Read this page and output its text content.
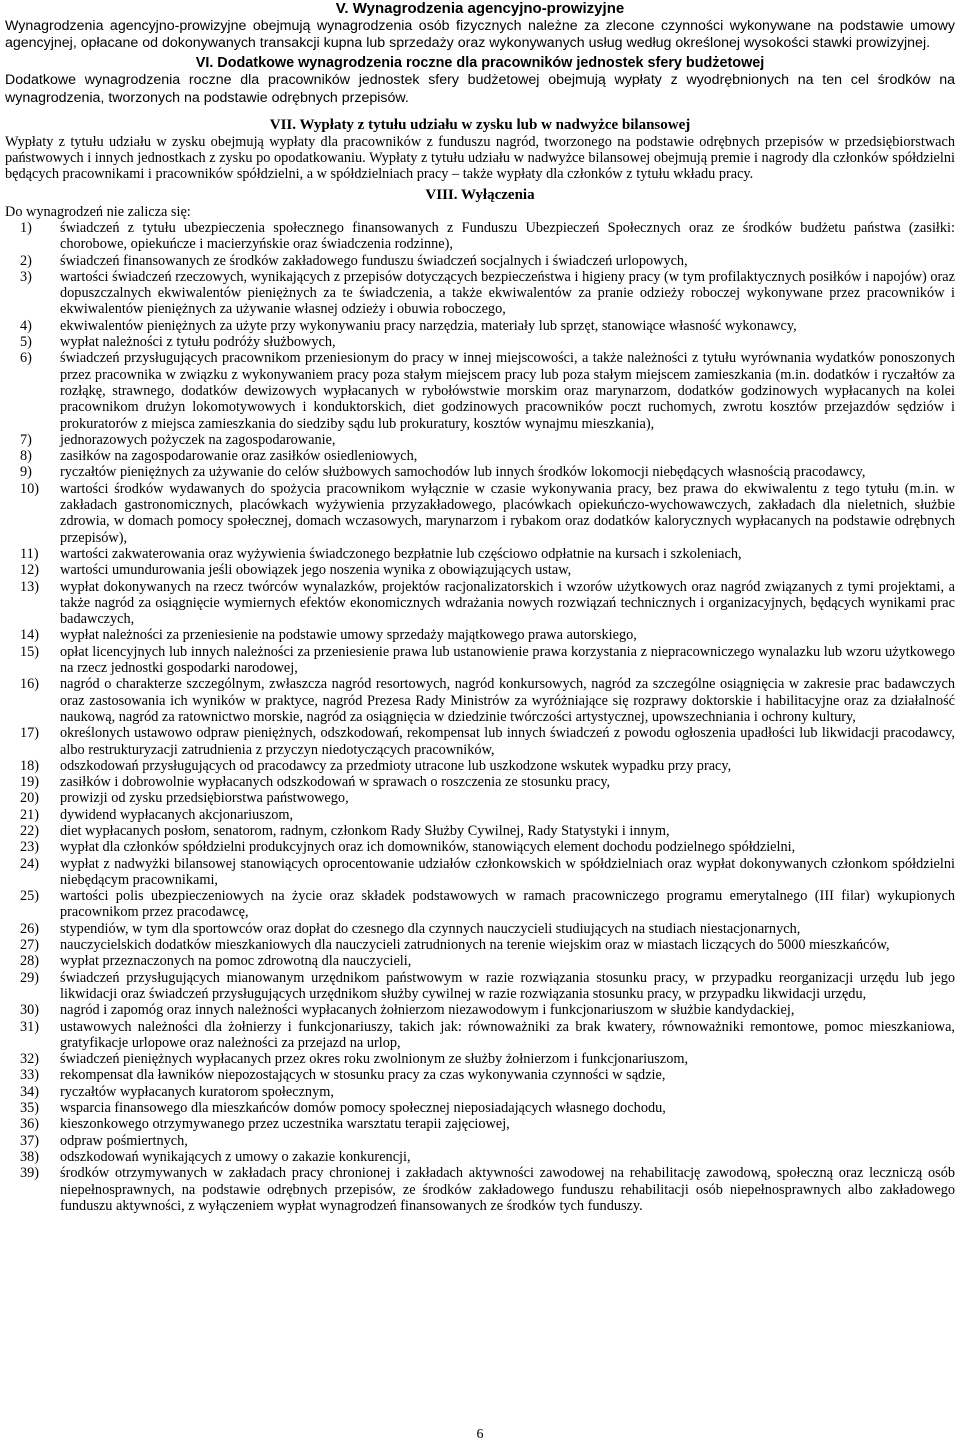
V. Wynagrodzenia agencyjno-prowizyjne

Wynagrodzenia agencyjno-prowizyjne obejmują wynagrodzenia osób fizycznych należne za zlecone czynności wykonywane na podstawie umowy agencyjnej, opłacane od dokonywanych transakcji kupna lub sprzedaży oraz wykonywanych usług według określonej wysokości stawki prowizyjnej.

VI. Dodatkowe wynagrodzenia roczne dla pracowników jednostek sfery budżetowej

Dodatkowe wynagrodzenia roczne dla pracowników jednostek sfery budżetowej obejmują wypłaty z wyodrębnionych na ten cel środków na wynagrodzenia, tworzonych na podstawie odrębnych przepisów.

VII. Wypłaty z tytułu udziału w zysku lub w nadwyżce bilansowej

Wypłaty z tytułu udziału w zysku obejmują wypłaty dla pracowników z funduszu nagród, tworzonego na podstawie odrębnych przepisów w przedsiębiorstwach państwowych i innych jednostkach z zysku po opodatkowaniu. Wypłaty z tytułu udziału w nadwyżce bilansowej obejmują premie i nagrody dla członków spółdzielni będących pracownikami i pracowników spółdzielni, a w spółdzielniach pracy – także wypłaty dla członków z tytułu wkładu pracy.

VIII. Wyłączenia

Do wynagrodzeń nie zalicza się:

1) świadczeń z tytułu ubezpieczenia społecznego finansowanych z Funduszu Ubezpieczeń Społecznych oraz ze środków budżetu państwa (zasiłki: chorobowe, opiekuńcze i macierzyńskie oraz świadczenia rodzinne),
2) świadczeń finansowanych ze środków zakładowego funduszu świadczeń socjalnych i świadczeń urlopowych,
3) wartości świadczeń rzeczowych, wynikających z przepisów dotyczących bezpieczeństwa i higieny pracy (w tym profilaktycznych posiłków i napojów) oraz dopuszczalnych ekwiwalentów pieniężnych za te świadczenia, a także ekwiwalentów za pranie odzieży roboczej wykonywane przez pracowników i ekwiwalentów pieniężnych za używanie własnej odzieży i obuwia roboczego,
4) ekwiwalentów pieniężnych za użyte przy wykonywaniu pracy narzędzia, materiały lub sprzęt, stanowiące własność wykonawcy,
5) wypłat należności z tytułu podróży służbowych,
6) świadczeń przysługujących pracownikom przeniesionym do pracy w innej miejscowości, a także należności z tytułu wyrównania wydatków ponoszonych przez pracownika w związku z wykonywaniem pracy poza stałym miejscem pracy lub poza stałym miejscem zamieszkania (m.in. dodatków i ryczałtów za rozłąkę, strawnego, dodatków dewizowych wypłacanych w rybołówstwie morskim oraz marynarzom, dodatków godzinowych wypłacanych na kolei pracownikom drużyn lokomotywowych i konduktorskich, diet godzinowych pracowników poczt ruchomych, zwrotu kosztów przejazdów sędziów i prokuratorów z miejsca zamieszkania do siedziby sądu lub prokuratury, kosztów wynajmu mieszkania),
7) jednorazowych pożyczek na zagospodarowanie,
8) zasiłków na zagospodarowanie oraz zasiłków osiedleniowych,
9) ryczałtów pieniężnych za używanie do celów służbowych samochodów lub innych środków lokomocji niebędących własnością pracodawcy,
10) wartości środków wydawanych do spożycia pracownikom wyłącznie w czasie wykonywania pracy, bez prawa do ekwiwalentu z tego tytułu (m.in. w zakładach gastronomicznych, placówkach wyżywienia przyzakładowego, placówkach opiekuńczo-wychowawczych, zakładach dla nieletnich, służbie zdrowia, w domach pomocy społecznej, domach wczasowych, marynarzom i rybakom oraz dodatków kalorycznych wypłacanych na podstawie odrębnych przepisów),
11) wartości zakwaterowania oraz wyżywienia świadczonego bezpłatnie lub częściowo odpłatnie na kursach i szkoleniach,
12) wartości umundurowania jeśli obowiązek jego noszenia wynika z obowiązujących ustaw,
13) wypłat dokonywanych na rzecz twórców wynalazków, projektów racjonalizatorskich i wzorów użytkowych oraz nagród związanych z tymi projektami, a także nagród za osiągnięcie wymiernych efektów ekonomicznych wdrażania nowych rozwiązań technicznych i organizacyjnych, będących wynikami prac badawczych,
14) wypłat należności za przeniesienie na podstawie umowy sprzedaży majątkowego prawa autorskiego,
15) opłat licencyjnych lub innych należności za przeniesienie prawa lub ustanowienie prawa korzystania z niepracowniczego wynalazku lub wzoru użytkowego na rzecz jednostki gospodarki narodowej,
16) nagród o charakterze szczególnym, zwłaszcza nagród resortowych, nagród konkursowych, nagród za szczególne osiągnięcia w zakresie prac badawczych oraz zastosowania ich wyników w praktyce, nagród Prezesa Rady Ministrów za wyróżniające się rozprawy doktorskie i habilitacyjne oraz za działalność naukową, nagród za ratownictwo morskie, nagród za osiągnięcia w dziedzinie twórczości artystycznej, upowszechniania i ochrony kultury,
17) określonych ustawowo odpraw pieniężnych, odszkodowań, rekompensat lub innych świadczeń z powodu ogłoszenia upadłości lub likwidacji pracodawcy, albo restrukturyzacji zatrudnienia z przyczyn niedotyczących pracowników,
18) odszkodowań przysługujących od pracodawcy za przedmioty utracone lub uszkodzone wskutek wypadku przy pracy,
19) zasiłków i dobrowolnie wypłacanych odszkodowań w sprawach o roszczenia ze stosunku pracy,
20) prowizji od zysku przedsiębiorstwa państwowego,
21) dywidend wypłacanych akcjonariuszom,
22) diet wypłacanych posłom, senatorom, radnym, członkom Rady Służby Cywilnej, Rady Statystyki i innym,
23) wypłat dla członków spółdzielni produkcyjnych oraz ich domowników, stanowiących element dochodu podzielnego spółdzielni,
24) wypłat z nadwyżki bilansowej stanowiących oprocentowanie udziałów członkowskich w spółdzielniach oraz wypłat dokonywanych członkom spółdzielni niebędącym pracownikami,
25) wartości polis ubezpieczeniowych na życie oraz składek podstawowych w ramach pracowniczego programu emerytalnego (III filar) wykupionych pracownikom przez pracodawcę,
26) stypendiów, w tym dla sportowców oraz dopłat do czesnego dla czynnych nauczycieli studiujących na studiach niestacjonarnych,
27) nauczycielskich dodatków mieszkaniowych dla nauczycieli zatrudnionych na terenie wiejskim oraz w miastach liczących do 5000 mieszkańców,
28) wypłat przeznaczonych na pomoc zdrowotną dla nauczycieli,
29) świadczeń przysługujących mianowanym urzędnikom państwowym w razie rozwiązania stosunku pracy, w przypadku reorganizacji urzędu lub jego likwidacji oraz świadczeń przysługujących urzędnikom służby cywilnej w razie rozwiązania stosunku pracy, w przypadku likwidacji urzędu,
30) nagród i zapomóg oraz innych należności wypłacanych żołnierzom niezawodowym i funkcjonariuszom w służbie kandydackiej,
31) ustawowych należności dla żołnierzy i funkcjonariuszy, takich jak: równoważniki za brak kwatery, równoważniki remontowe, pomoc mieszkaniowa, gratyfikacje urlopowe oraz należności za przejazd na urlop,
32) świadczeń pieniężnych wypłacanych przez okres roku zwolnionym ze służby żołnierzom i funkcjonariuszom,
33) rekompensat dla ławników niepozostających w stosunku pracy za czas wykonywania czynności w sądzie,
34) ryczałtów wypłacanych kuratorom społecznym,
35) wsparcia finansowego dla mieszkańców domów pomocy społecznej nieposiadających własnego dochodu,
36) kieszonkowego otrzymywanego przez uczestnika warsztatu terapii zajęciowej,
37) odpraw pośmiertnych,
38) odszkodowań wynikających z umowy o zakazie konkurencji,
39) środków otrzymywanych w zakładach pracy chronionej i zakładach aktywności zawodowej na rehabilitację zawodową, społeczną oraz leczniczą osób niepełnosprawnych, na podstawie odrębnych przepisów, ze środków zakładowego funduszu rehabilitacji osób niepełnosprawnych albo zakładowego funduszu aktywności, z wyłączeniem wypłat wynagrodzeń finansowanych ze środków tych funduszy.
6
